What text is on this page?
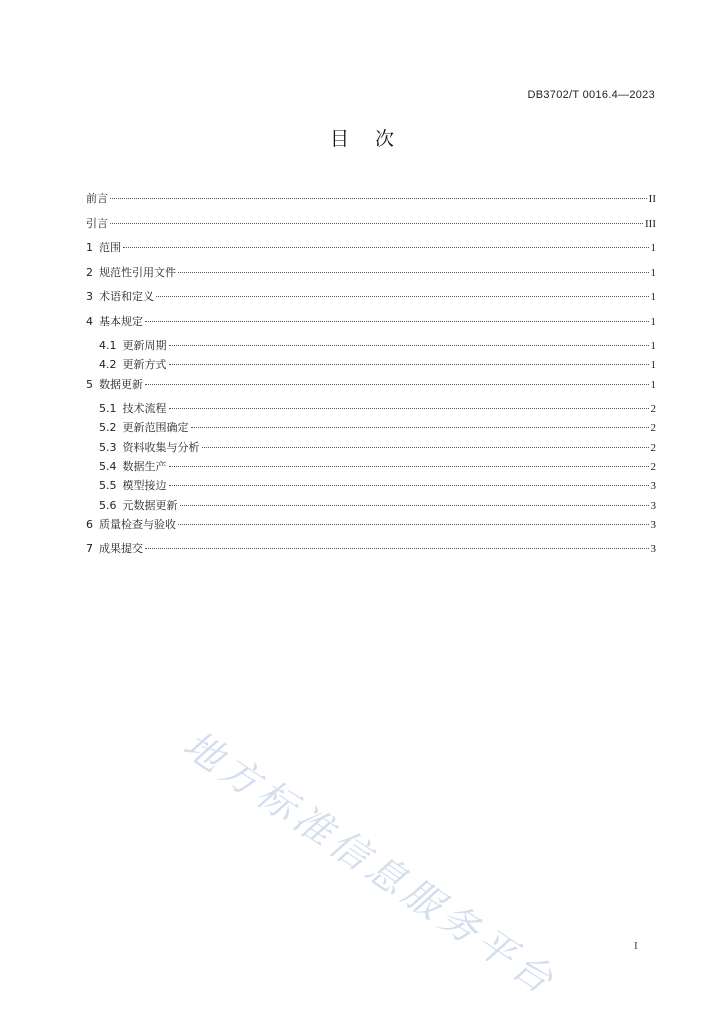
DB3702/T 0016.4—2023
目次
前言	II
引言	III
1 范围	1
2 规范性引用文件	1
3 术语和定义	1
4 基本规定	1
4.1 更新周期	1
4.2 更新方式	1
5 数据更新	1
5.1 技术流程	2
5.2 更新范围确定	2
5.3 资料收集与分析	2
5.4 数据生产	2
5.5 模型接边	3
5.6 元数据更新	3
6 质量检查与验收	3
7 成果提交	3
地方标准信息服务平台	I
